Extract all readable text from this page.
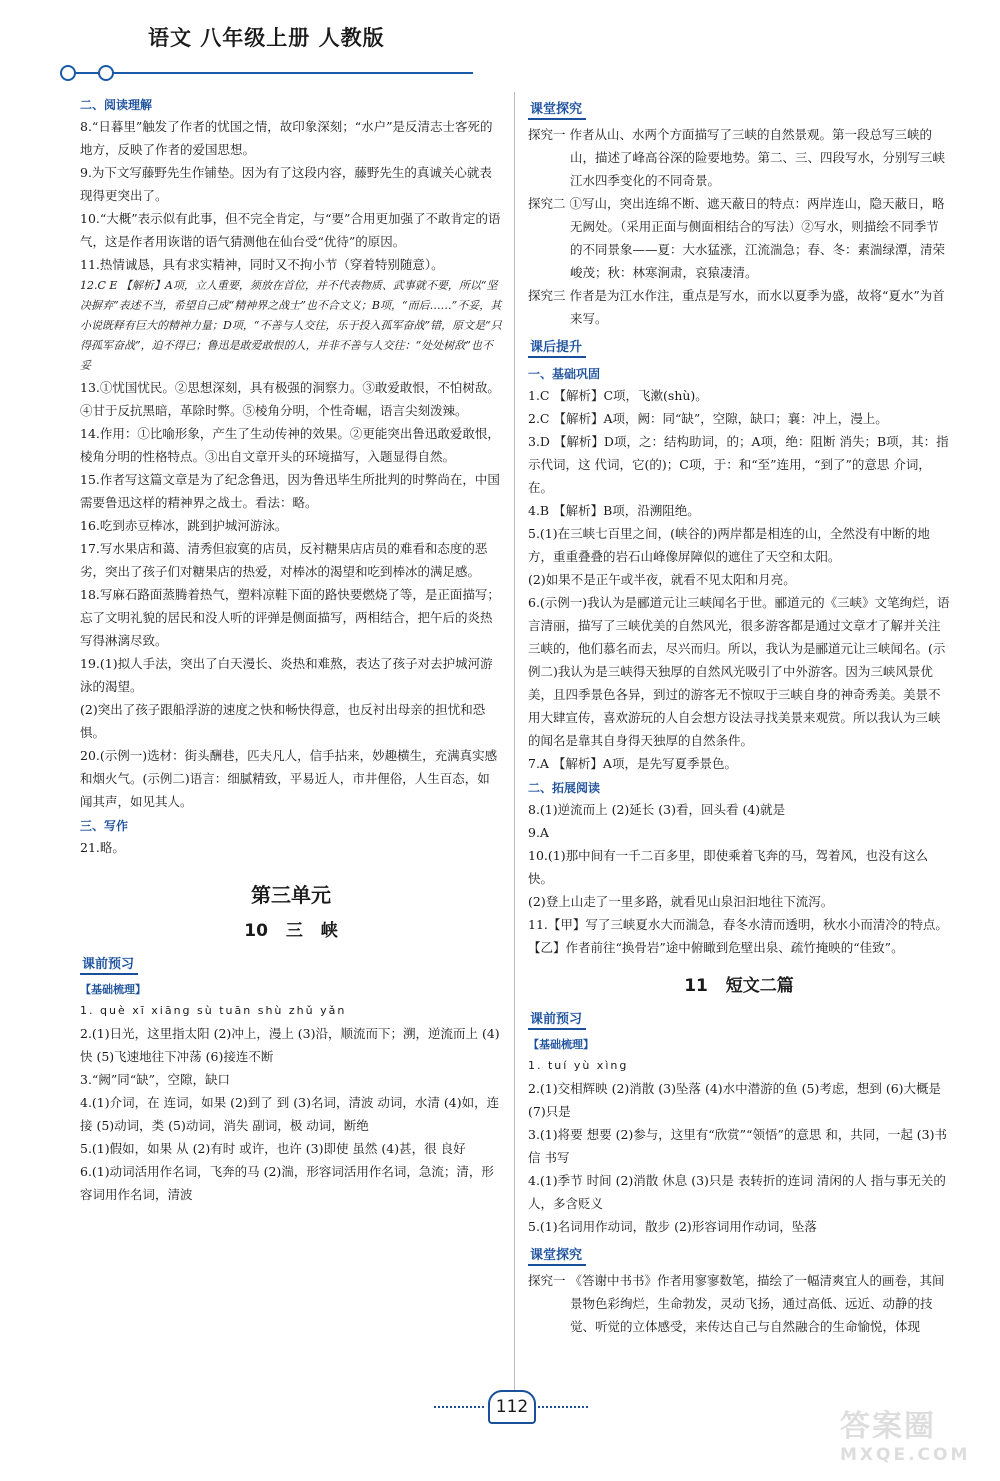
语文 八年级上册 人教版
二、阅读理解

8.“日暮里”触发了作者的忧国之情，故印象深刻；“水户”是反清志士客死的地方，反映了作者的爱国思想。

9.为下文写藤野先生作铺垫。因为有了这段内容，藤野先生的真诚关心就表现得更突出了。

10.“大概”表示似有此事，但不完全肯定，与“要”合用更加强了不敢肯定的语气，这是作者用诙谐的语气猜测他在仙台受“优待”的原因。

11.热情诚恳，具有求实精神，同时又不拘小节（穿着特别随意）。

12.C E 【解析】A项，立人重要，须放在首位，并不代表物质、武事就不要，所以“坚决摒弃”表述不当，希望自己成“精神界之战士”也不合文义；B项，“而后……”不妥，其小说既释有巨大的精神力量；D项，“不善与人交往，乐于投入孤军奋战”错，原文是“只得孤军奋战”，迫不得已；鲁迅是敢爱敢恨的人，并非不善与人交往：“处处树敌”也不妥

13.①忧国忧民。②思想深刻，具有极强的洞察力。③敢爱敢恨，不怕树敌。④甘于反抗黑暗，革除时弊。⑤棱角分明，个性奇崛，语言尖刻泼辣。

14.作用：①比喻形象，产生了生动传神的效果。②更能突出鲁迅敢爱敢恨，棱角分明的性格特点。③出自文章开头的环境描写，入题显得自然。

15.作者写这篇文章是为了纪念鲁迅，因为鲁迅毕生所批判的时弊尚在，中国需要鲁迅这样的精神界之战士。看法：略。

16.吃到赤豆棒冰，跳到护城河游泳。

17.写水果店和蔼、清秀但寂寞的店员，反衬糖果店店员的难看和态度的恶劣，突出了孩子们对糖果店的热爱，对棒冰的渴望和吃到棒冰的满足感。

18.写麻石路面蒸腾着热气，塑料凉鞋下面的路快要燃烧了等，是正面描写；忘了文明礼貌的居民和没人听的评弹是侧面描写，两相结合，把午后的炎热写得淋漓尽致。

19.(1)拟人手法，突出了白天漫长、炎热和难熬，表达了孩子对去护城河游泳的渴望。

(2)突出了孩子跟船浮游的速度之快和畅快得意，也反衬出母亲的担忧和恐惧。

20.(示例一)选材：街头酬巷，匹夫凡人，信手拈来，妙趣横生，充满真实感和烟火气。(示例二)语言：细腻精致，平易近人，市井俚俗，人生百态，如闻其声，如见其人。

三、写作

21.略。

第三单元
10 三 峡
课前预习
【基础梳理】

1. què xī xiāng sù tuān shù zhǔ yǎn

2.(1)日光，这里指太阳 (2)冲上，漫上 (3)沿，顺流而下；溯，逆流而上 (4)快 (5)飞速地往下冲荡 (6)接连不断

3.“阙”同“缺”，空隙，缺口

4.(1)介词，在 连词，如果 (2)到了 到 (3)名词，清波 动词，水清 (4)如，连接 (5)动词，类 (5)动词，消失 副词，极 动词，断绝

5.(1)假如，如果 从 (2)有时 或许，也许 (3)即使 虽然 (4)甚，很 良好

6.(1)动词活用作名词，飞奔的马 (2)湍，形容词活用作名词，急流；清，形容词用作名词，清波

课堂探究

探究一 作者从山、水两个方面描写了三峡的自然景观。第一段总写三峡的山，描述了峰高谷深的险要地势。第二、三、四段写水，分别写三峡江水四季变化的不同奇景。

探究二 ①写山，突出连绵不断、遮天蔽日的特点：两岸连山，隐天蔽日，略无阙处。（采用正面与侧面相结合的写法）②写水，则描绘不同季节的不同景象——夏：大水猛涨，江流湍急；春、冬：素湍绿潭，清荣峻茂；秋：林寒涧肃，哀猿凄清。

探究三 作者是为江水作注，重点是写水，而水以夏季为盛，故将“夏水”为首来写。

课后提升
一、基础巩固

1.C 【解析】C项，飞漱(shù)。

2.C 【解析】A项，阙：同“缺”，空隙，缺口；襄：冲上，漫上。

3.D 【解析】D项，之：结构助词，的；A项，绝：阻断 消失；B项，其：指示代词，这 代词，它(的)；C项，于：和“至”连用，“到了”的意思 介词，在。

4.B 【解析】B项，沿溯阻绝。

5.(1)在三峡七百里之间，(峡谷的)两岸都是相连的山，全然没有中断的地方，重重叠叠的岩石山峰像屏障似的遮住了天空和太阳。

(2)如果不是正午或半夜，就看不见太阳和月亮。

6.(示例一)我认为是郦道元让三峡闻名于世。郦道元的《三峡》文笔绚烂，语言清丽，描写了三峡优美的自然风光，很多游客都是通过文章才了解并关注三峡的，他们慕名而去，尽兴而归。所以，我认为是郦道元让三峡闻名。(示例二)我认为是三峡得天独厚的自然风光吸引了中外游客。因为三峡风景优美，且四季景色各异，到过的游客无不惊叹于三峡自身的神奇秀美。美景不用大肆宣传，喜欢游玩的人自会想方设法寻找美景来观赏。所以我认为三峡的闻名是靠其自身得天独厚的自然条件。

7.A 【解析】A项，是先写夏季景色。

二、拓展阅读

8.(1)逆流而上 (2)延长 (3)看，回头看 (4)就是

9.A

10.(1)那中间有一千二百多里，即使乘着飞奔的马，驾着风，也没有这么快。

(2)登上山走了一里多路，就看见山泉汩汩地往下流泻。

11.【甲】写了三峡夏水大而湍急，春冬水清而透明，秋水小而清冷的特点。【乙】作者前往“换骨岩”途中俯瞰到危壁出泉、疏竹掩映的“佳致”。

11 短文二篇
课前预习
【基础梳理】

1. tuí yù xìng

2.(1)交相辉映 (2)消散 (3)坠落 (4)水中潜游的鱼 (5)考虑，想到 (6)大概是 (7)只是

3.(1)将要 想要 (2)参与，这里有“欣赏”“领悟”的意思 和，共同，一起 (3)书信 书写

4.(1)季节 时间 (2)消散 休息 (3)只是 表转折的连词 清闲的人 指与事无关的人，多含贬义

5.(1)名词用作动词，散步 (2)形容词用作动词，坠落

课堂探究

探究一 《答谢中书书》作者用寥寥数笔，描绘了一幅清爽宜人的画卷，其间景物色彩绚烂，生命勃发，灵动飞扬，通过高低、远近、动静的技觉、听觉的立体感受，来传达自己与自然融合的生命愉悦，体现

112
答案圈
MXQE.COM
